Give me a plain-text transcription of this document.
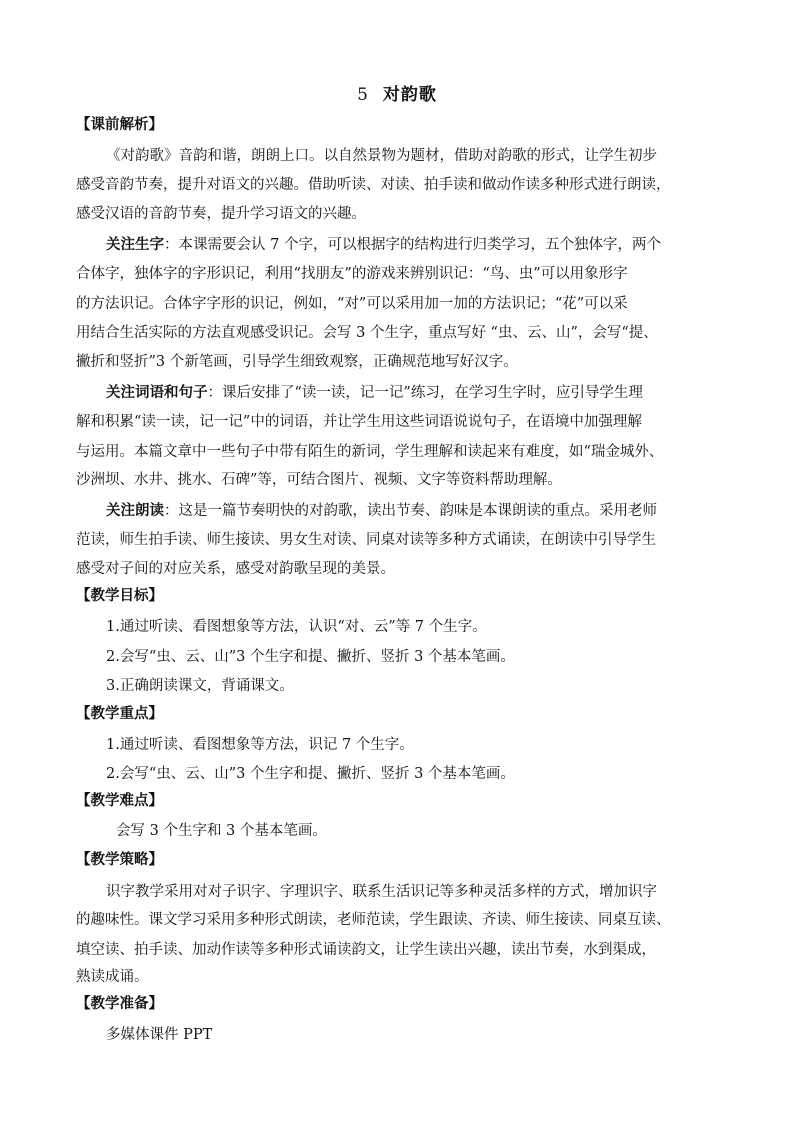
5 对韵歌
【课前解析】
《对韵歌》音韵和谐，朗朗上口。以自然景物为题材，借助对韵歌的形式，让学生初步
感受音韵节奏，提升对语文的兴趣。借助听读、对读、拍手读和做动作读多种形式进行朗读，
感受汉语的音韵节奏，提升学习语文的兴趣。
关注生字：本课需要会认 7 个字，可以根据字的结构进行归类学习，五个独体字，两个
合体字，独体字的字形识记，利用“找朋友”的游戏来辨别识记：“鸟、虫”可以用象形字
的方法识记。合体字字形的识记，例如，“对”可以采用加一加的方法识记；“花”可以采
用结合生活实际的方法直观感受识记。会写 3 个生字，重点写好 “虫、云、山”，会写“提、
撇折和竖折”3 个新笔画，引导学生细致观察，正确规范地写好汉字。
关注词语和句子：课后安排了“读一读，记一记”练习，在学习生字时，应引导学生理
解和积累“读一读，记一记”中的词语，并让学生用这些词语说说句子，在语境中加强理解
与运用。本篇文章中一些句子中带有陌生的新词，学生理解和读起来有难度，如“瑞金城外、
沙洲坝、水井、挑水、石碑”等，可结合图片、视频、文字等资料帮助理解。
关注朗读：这是一篇节奏明快的对韵歌，读出节奏、韵味是本课朗读的重点。采用老师
范读，师生拍手读、师生接读、男女生对读、同桌对读等多种方式诵读，在朗读中引导学生
感受对子间的对应关系，感受对韵歌呈现的美景。
【教学目标】
1.通过听读、看图想象等方法，认识“对、云”等 7 个生字。
2.会写“虫、云、山”3 个生字和提、撇折、竖折 3 个基本笔画。
3.正确朗读课文，背诵课文。
【教学重点】
1.通过听读、看图想象等方法，识记 7 个生字。
2.会写“虫、云、山”3 个生字和提、撇折、竖折 3 个基本笔画。
【教学难点】
会写 3 个生字和 3 个基本笔画。
【教学策略】
识字教学采用对对子识字、字理识字、联系生活识记等多种灵活多样的方式，增加识字
的趣味性。课文学习采用多种形式朗读，老师范读，学生跟读、齐读、师生接读、同桌互读、
填空读、拍手读、加动作读等多种形式诵读韵文，让学生读出兴趣，读出节奏，水到渠成，
熟读成诵。
【教学准备】
多媒体课件 PPT
